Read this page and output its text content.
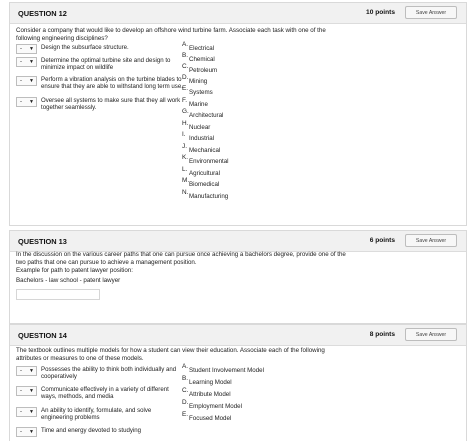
QUESTION 12	10 points	Save Answer
Consider a company that would like to develop an offshore wind turbine farm. Associate each task with one of the
following engineering disciplines?
- ▼ Design the subsurface structure.
- ▼ Determine the optimal turbine site and design to
minimize impact on wildlife
- ▼ Perform a vibration analysis on the turbine blades to
ensure that they are able to withstand long term use.
- ▼ Oversee all systems to make sure that they all work
together seamlessly.
A.
Electrical
B.
Chemical
C.
Petroleum
D.
Mining
E.
Systems
F.
Marine
G.
Architectural
H.
Nuclear
I.
Industrial
J.
Mechanical
K.
Environmental
L.
Agricultural
M.
Biomedical
N.
Manufacturing
QUESTION 13	6 points	Save Answer
In the discussion on the various career paths that one can pursue once achieving a bachelors degree, provide one of the
two paths that one can pursue to achieve a management position.
Example for path to patent lawyer position:
Bachelors - law school - patent lawyer
QUESTION 14	8 points	Save Answer
The textbook outlines multiple models for how a student can view their education. Associate each of the following
attributes or measures to one of these models.
- ▼ Possesses the ability to think both individually and
cooperatively
- ▼ Communicate effectively in a variety of different
ways, methods, and media
- ▼ An ability to identify, formulate, and solve
engineering problems
- ▼ Time and energy devoted to studying
A.
Student Involvement Model
B.
Learning Model
C.
Attribute Model
D.
Employment Model
E.
Focused Model
